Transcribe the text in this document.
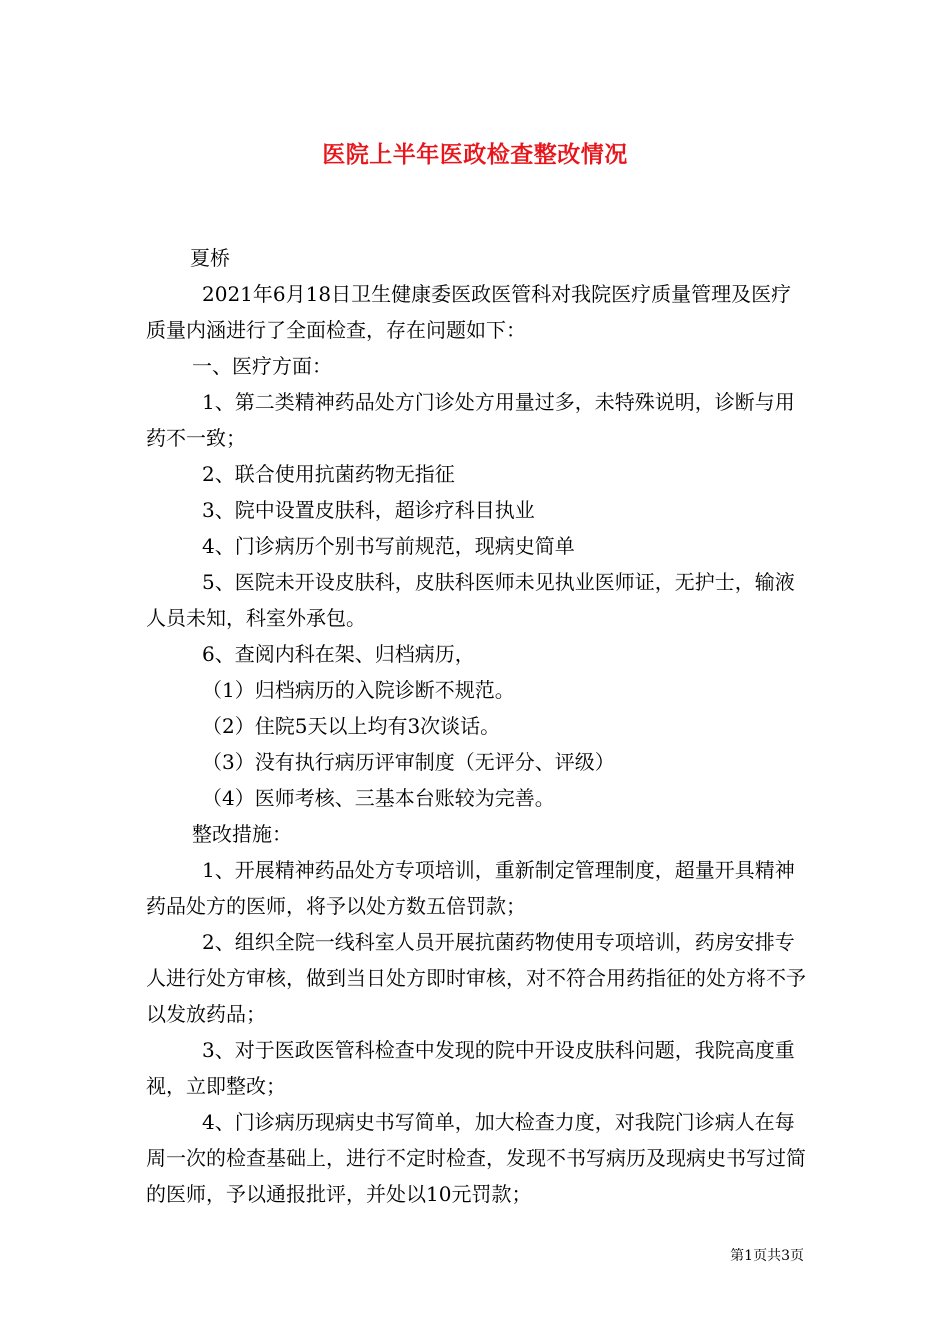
医院上半年医政检查整改情况

夏桥

2021年6月18日卫生健康委医政医管科对我院医疗质量管理及医疗质量内涵进行了全面检查，存在问题如下：

一、医疗方面：

1、第二类精神药品处方门诊处方用量过多，未特殊说明，诊断与用药不一致；

2、联合使用抗菌药物无指征

3、院中设置皮肤科，超诊疗科目执业

4、门诊病历个别书写前规范，现病史简单

5、医院未开设皮肤科，皮肤科医师未见执业医师证，无护士，输液人员未知，科室外承包。

6、查阅内科在架、归档病历，

（1）归档病历的入院诊断不规范。

（2）住院5天以上均有3次谈话。

（3）没有执行病历评审制度（无评分、评级）

（4）医师考核、三基本台账较为完善。

整改措施：

1、开展精神药品处方专项培训，重新制定管理制度，超量开具精神药品处方的医师，将予以处方数五倍罚款；

2、组织全院一线科室人员开展抗菌药物使用专项培训，药房安排专人进行处方审核，做到当日处方即时审核，对不符合用药指征的处方将不予以发放药品；

3、对于医政医管科检查中发现的院中开设皮肤科问题，我院高度重视，立即整改；

4、门诊病历现病史书写简单，加大检查力度，对我院门诊病人在每周一次的检查基础上，进行不定时检查，发现不书写病历及现病史书写过简的医师，予以通报批评，并处以10元罚款；

第1页共3页
